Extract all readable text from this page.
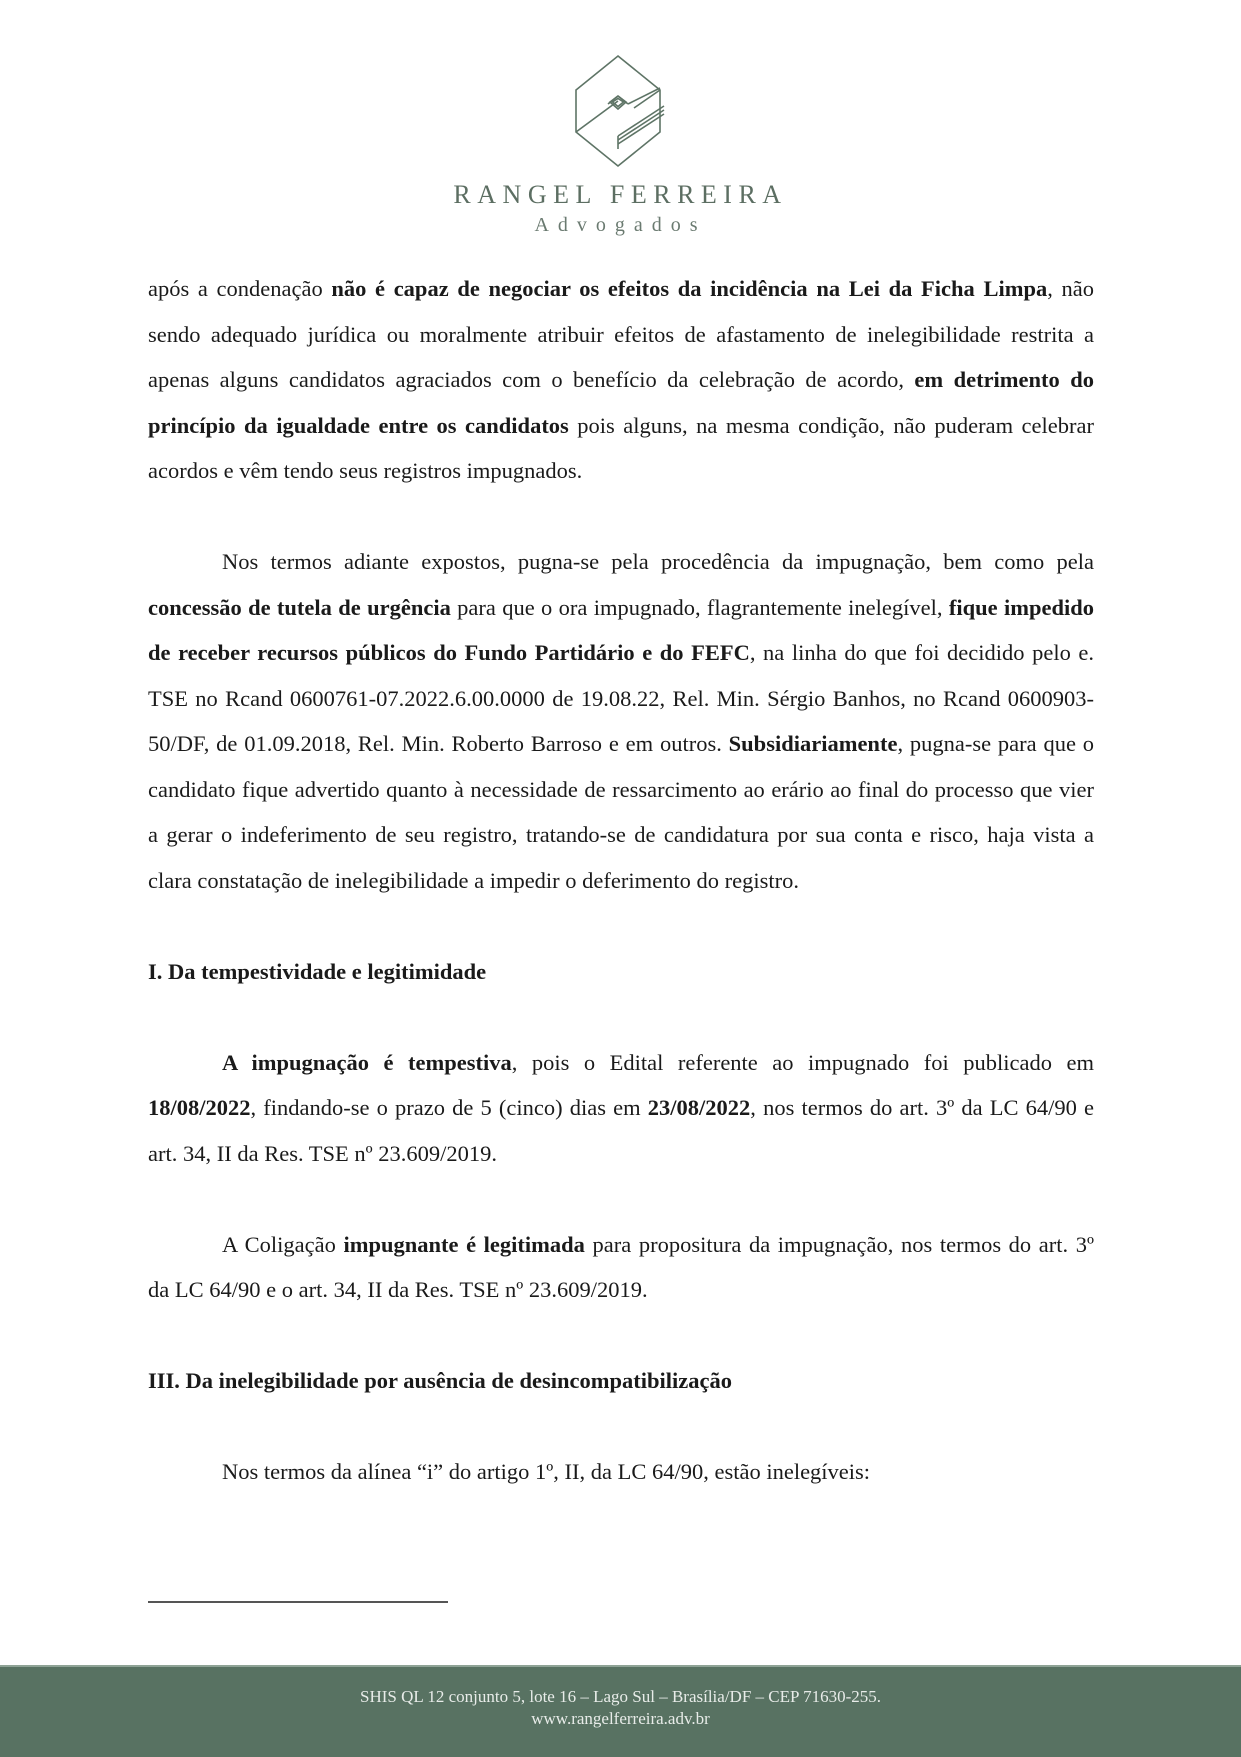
RANGEL FERREIRA
Advogados

após a condenação não é capaz de negociar os efeitos da incidência na Lei da Ficha Limpa, não sendo adequado jurídica ou moralmente atribuir efeitos de afastamento de inelegibilidade restrita a apenas alguns candidatos agraciados com o benefício da celebração de acordo, em detrimento do princípio da igualdade entre os candidatos pois alguns, na mesma condição, não puderam celebrar acordos e vêm tendo seus registros impugnados.

Nos termos adiante expostos, pugna-se pela procedência da impugnação, bem como pela concessão de tutela de urgência para que o ora impugnado, flagrantemente inelegível, fique impedido de receber recursos públicos do Fundo Partidário e do FEFC, na linha do que foi decidido pelo e. TSE no Rcand 0600761-07.2022.6.00.0000 de 19.08.22, Rel. Min. Sérgio Banhos, no Rcand 0600903-50/DF, de 01.09.2018, Rel. Min. Roberto Barroso e em outros. Subsidiariamente, pugna-se para que o candidato fique advertido quanto à necessidade de ressarcimento ao erário ao final do processo que vier a gerar o indeferimento de seu registro, tratando-se de candidatura por sua conta e risco, haja vista a clara constatação de inelegibilidade a impedir o deferimento do registro.

I. Da tempestividade e legitimidade

A impugnação é tempestiva, pois o Edital referente ao impugnado foi publicado em 18/08/2022, findando-se o prazo de 5 (cinco) dias em 23/08/2022, nos termos do art. 3º da LC 64/90 e art. 34, II da Res. TSE nº 23.609/2019.

A Coligação impugnante é legitimada para propositura da impugnação, nos termos do art. 3º da LC 64/90 e o art. 34, II da Res. TSE nº 23.609/2019.

III. Da inelegibilidade por ausência de desincompatibilização

Nos termos da alínea “i” do artigo 1º, II, da LC 64/90, estão inelegíveis:

SHIS QL 12 conjunto 5, lote 16 – Lago Sul – Brasília/DF – CEP 71630-255.
www.rangelferreira.adv.br
